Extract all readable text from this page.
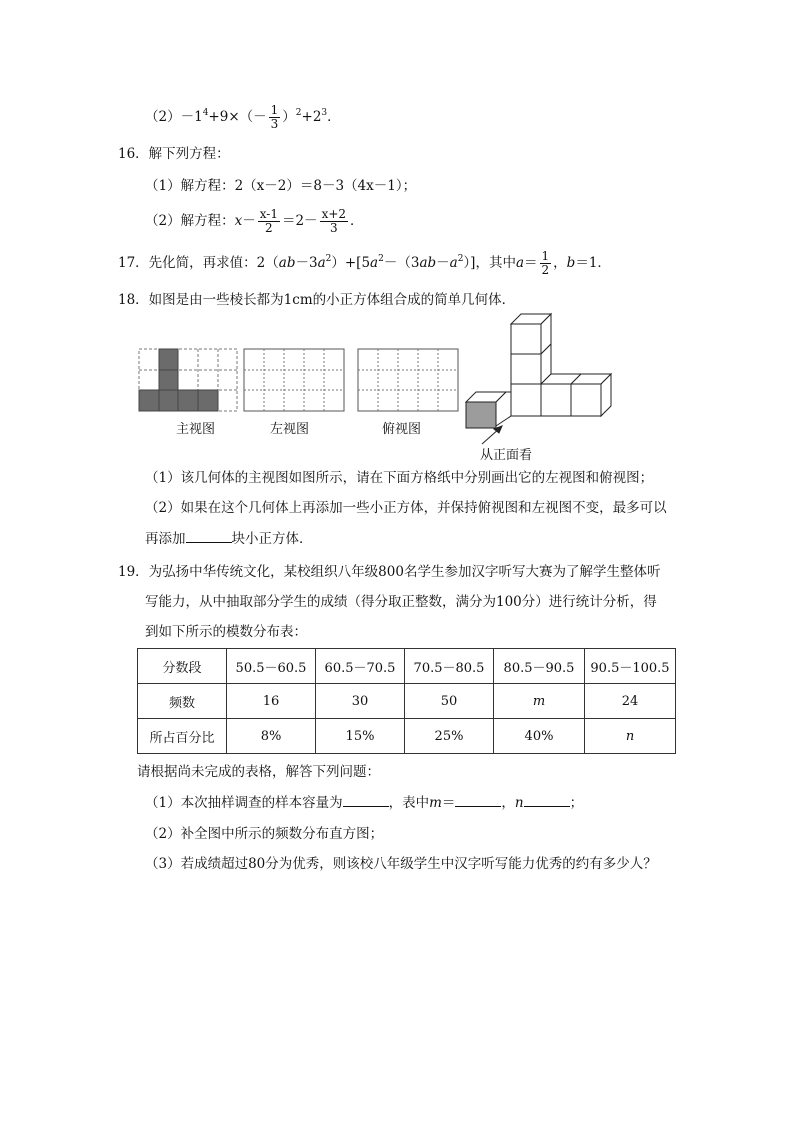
$(2)-1^4+9\times(- \frac{1}{3} )^2+2^3$．
16．解下列方程：
（1）解方程：2（x－2）＝8－3（4x－1）；
（2）解方程：$x- \frac{x-1}{2} =2- \frac{x+2}{3}$ ．
17．先化简，再求值：$2(ab-3a^2)+[5a^2-(3ab-a^2)]$，其中$a= \frac{1}{2}$ ，b＝1．
18．如图是由一些棱长都为1cm的小正方体组合成的简单几何体．
主视图	左视图	俯视图
从正面看
（1）该几何体的主视图如图所示，请在下面方格纸中分别画出它的左视图和俯视图；
（2）如果在这个几何体上再添加一些小正方体，并保持俯视图和左视图不变，最多可以
再添加	块小正方体．
19．为弘扬中华传统文化，某校组织八年级800名学生参加汉字听写大赛为了解学生整体听
写能力，从中抽取部分学生的成绩（得分取正整数，满分为100分）进行统计分析，得
到如下所示的模数分布表：
分数段	50.5－60.5	60.5－70.5	70.5－80.5	80.5－90.5	90.5－100.5
频数	16	30	50	m	24
所占百分比	8%	15%	25%	40%	n
请根据尚未完成的表格，解答下列问题：
（1）本次抽样调查的样本容量为	，表中m＝	，n	；
（2）补全图中所示的频数分布直方图；
（3）若成绩超过80分为优秀，则该校八年级学生中汉字听写能力优秀的约有多少人？
